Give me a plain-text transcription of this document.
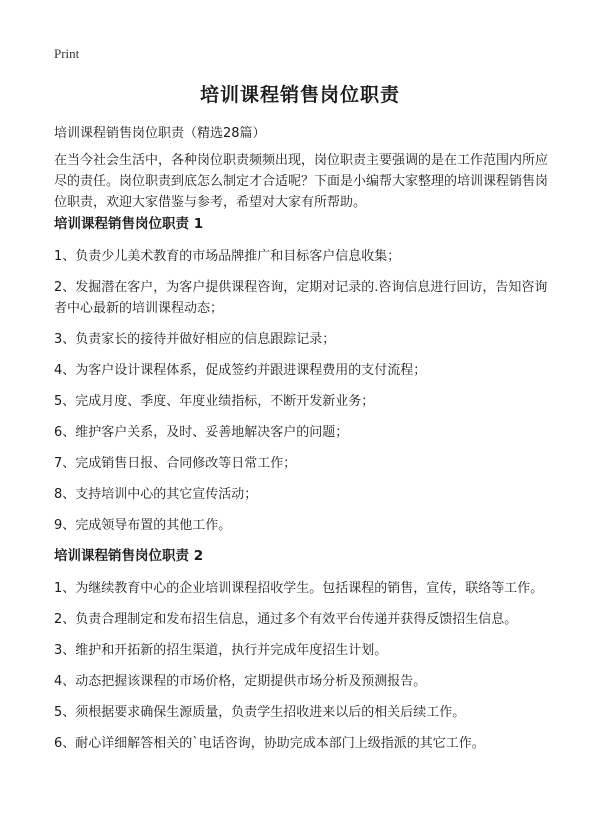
Print
培训课程销售岗位职责
培训课程销售岗位职责（精选28篇）
在当今社会生活中，各种岗位职责频频出现，岗位职责主要强调的是在工作范围内所应尽的责任。岗位职责到底怎么制定才合适呢？下面是小编帮大家整理的培训课程销售岗位职责，欢迎大家借鉴与参考，希望对大家有所帮助。
培训课程销售岗位职责 1
1、负责少儿美术教育的市场品牌推广和目标客户信息收集；
2、发掘潜在客户，为客户提供课程咨询，定期对记录的.咨询信息进行回访，告知咨询者中心最新的培训课程动态；
3、负责家长的接待并做好相应的信息跟踪记录；
4、为客户设计课程体系，促成签约并跟进课程费用的支付流程；
5、完成月度、季度、年度业绩指标，不断开发新业务；
6、维护客户关系，及时、妥善地解决客户的问题；
7、完成销售日报、合同修改等日常工作；
8、支持培训中心的其它宣传活动；
9、完成领导布置的其他工作。
培训课程销售岗位职责 2
1、为继续教育中心的企业培训课程招收学生。包括课程的销售，宣传，联络等工作。
2、负责合理制定和发布招生信息，通过多个有效平台传递并获得反馈招生信息。
3、维护和开拓新的招生渠道，执行并完成年度招生计划。
4、动态把握该课程的市场价格，定期提供市场分析及预测报告。
5、须根据要求确保生源质量，负责学生招收进来以后的相关后续工作。
6、耐心详细解答相关的`电话咨询，协助完成本部门上级指派的其它工作。
